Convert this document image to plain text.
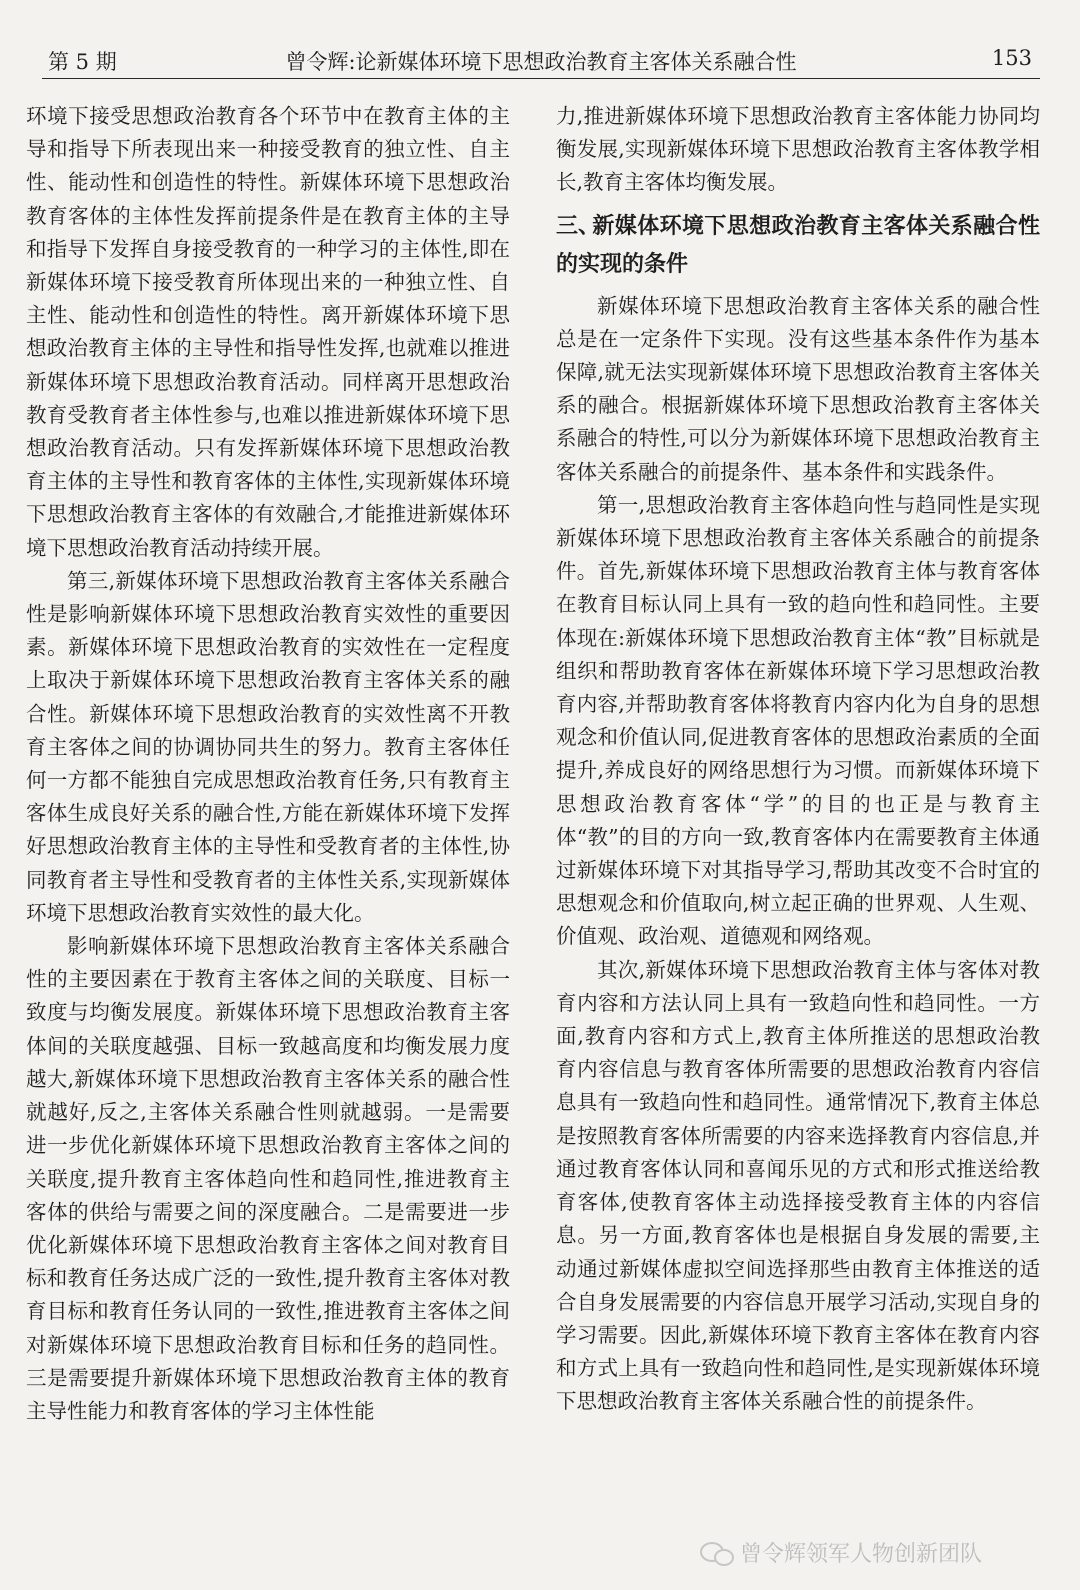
第 5 期	曾令辉:论新媒体环境下思想政治教育主客体关系融合性	153

环境下接受思想政治教育各个环节中在教育主体的主导和指导下所表现出来一种接受教育的独立性、自主性、能动性和创造性的特性。新媒体环境下思想政治教育客体的主体性发挥前提条件是在教育主体的主导和指导下发挥自身接受教育的一种学习的主体性,即在新媒体环境下接受教育所体现出来的一种独立性、自主性、能动性和创造性的特性。离开新媒体环境下思想政治教育主体的主导性和指导性发挥,也就难以推进新媒体环境下思想政治教育活动。同样离开思想政治教育受教育者主体性参与,也难以推进新媒体环境下思想政治教育活动。只有发挥新媒体环境下思想政治教育主体的主导性和教育客体的主体性,实现新媒体环境下思想政治教育主客体的有效融合,才能推进新媒体环境下思想政治教育活动持续开展。

第三,新媒体环境下思想政治教育主客体关系融合性是影响新媒体环境下思想政治教育实效性的重要因素。新媒体环境下思想政治教育的实效性在一定程度上取决于新媒体环境下思想政治教育主客体关系的融合性。新媒体环境下思想政治教育的实效性离不开教育主客体之间的协调协同共生的努力。教育主客体任何一方都不能独自完成思想政治教育任务,只有教育主客体生成良好关系的融合性,方能在新媒体环境下发挥好思想政治教育主体的主导性和受教育者的主体性,协同教育者主导性和受教育者的主体性关系,实现新媒体环境下思想政治教育实效性的最大化。

影响新媒体环境下思想政治教育主客体关系融合性的主要因素在于教育主客体之间的关联度、目标一致度与均衡发展度。新媒体环境下思想政治教育主客体间的关联度越强、目标一致越高度和均衡发展力度越大,新媒体环境下思想政治教育主客体关系的融合性就越好,反之,主客体关系融合性则就越弱。一是需要进一步优化新媒体环境下思想政治教育主客体之间的关联度,提升教育主客体趋向性和趋同性,推进教育主客体的供给与需要之间的深度融合。二是需要进一步优化新媒体环境下思想政治教育主客体之间对教育目标和教育任务达成广泛的一致性,提升教育主客体对教育目标和教育任务认同的一致性,推进教育主客体之间对新媒体环境下思想政治教育目标和任务的趋同性。三是需要提升新媒体环境下思想政治教育主体的教育主导性能力和教育客体的学习主体性能

力,推进新媒体环境下思想政治教育主客体能力协同均衡发展,实现新媒体环境下思想政治教育主客体教学相长,教育主客体均衡发展。

三、新媒体环境下思想政治教育主客体关系融合性的实现的条件

新媒体环境下思想政治教育主客体关系的融合性总是在一定条件下实现。没有这些基本条件作为基本保障,就无法实现新媒体环境下思想政治教育主客体关系的融合。根据新媒体环境下思想政治教育主客体关系融合的特性,可以分为新媒体环境下思想政治教育主客体关系融合的前提条件、基本条件和实践条件。

第一,思想政治教育主客体趋向性与趋同性是实现新媒体环境下思想政治教育主客体关系融合的前提条件。首先,新媒体环境下思想政治教育主体与教育客体在教育目标认同上具有一致的趋向性和趋同性。主要体现在:新媒体环境下思想政治教育主体“教”目标就是组织和帮助教育客体在新媒体环境下学习思想政治教育内容,并帮助教育客体将教育内容内化为自身的思想观念和价值认同,促进教育客体的思想政治素质的全面提升,养成良好的网络思想行为习惯。而新媒体环境下思想政治教育客体“学”的目的也正是与教育主体“教”的目的方向一致,教育客体内在需要教育主体通过新媒体环境下对其指导学习,帮助其改变不合时宜的思想观念和价值取向,树立起正确的世界观、人生观、价值观、政治观、道德观和网络观。

其次,新媒体环境下思想政治教育主体与客体对教育内容和方法认同上具有一致趋向性和趋同性。一方面,教育内容和方式上,教育主体所推送的思想政治教育内容信息与教育客体所需要的思想政治教育内容信息具有一致趋向性和趋同性。通常情况下,教育主体总是按照教育客体所需要的内容来选择教育内容信息,并通过教育客体认同和喜闻乐见的方式和形式推送给教育客体,使教育客体主动选择接受教育主体的内容信息。另一方面,教育客体也是根据自身发展的需要,主动通过新媒体虚拟空间选择那些由教育主体推送的适合自身发展需要的内容信息开展学习活动,实现自身的学习需要。因此,新媒体环境下教育主客体在教育内容和方式上具有一致趋向性和趋同性,是实现新媒体环境下思想政治教育主客体关系融合性的前提条件。

曾令辉领军人物创新团队
